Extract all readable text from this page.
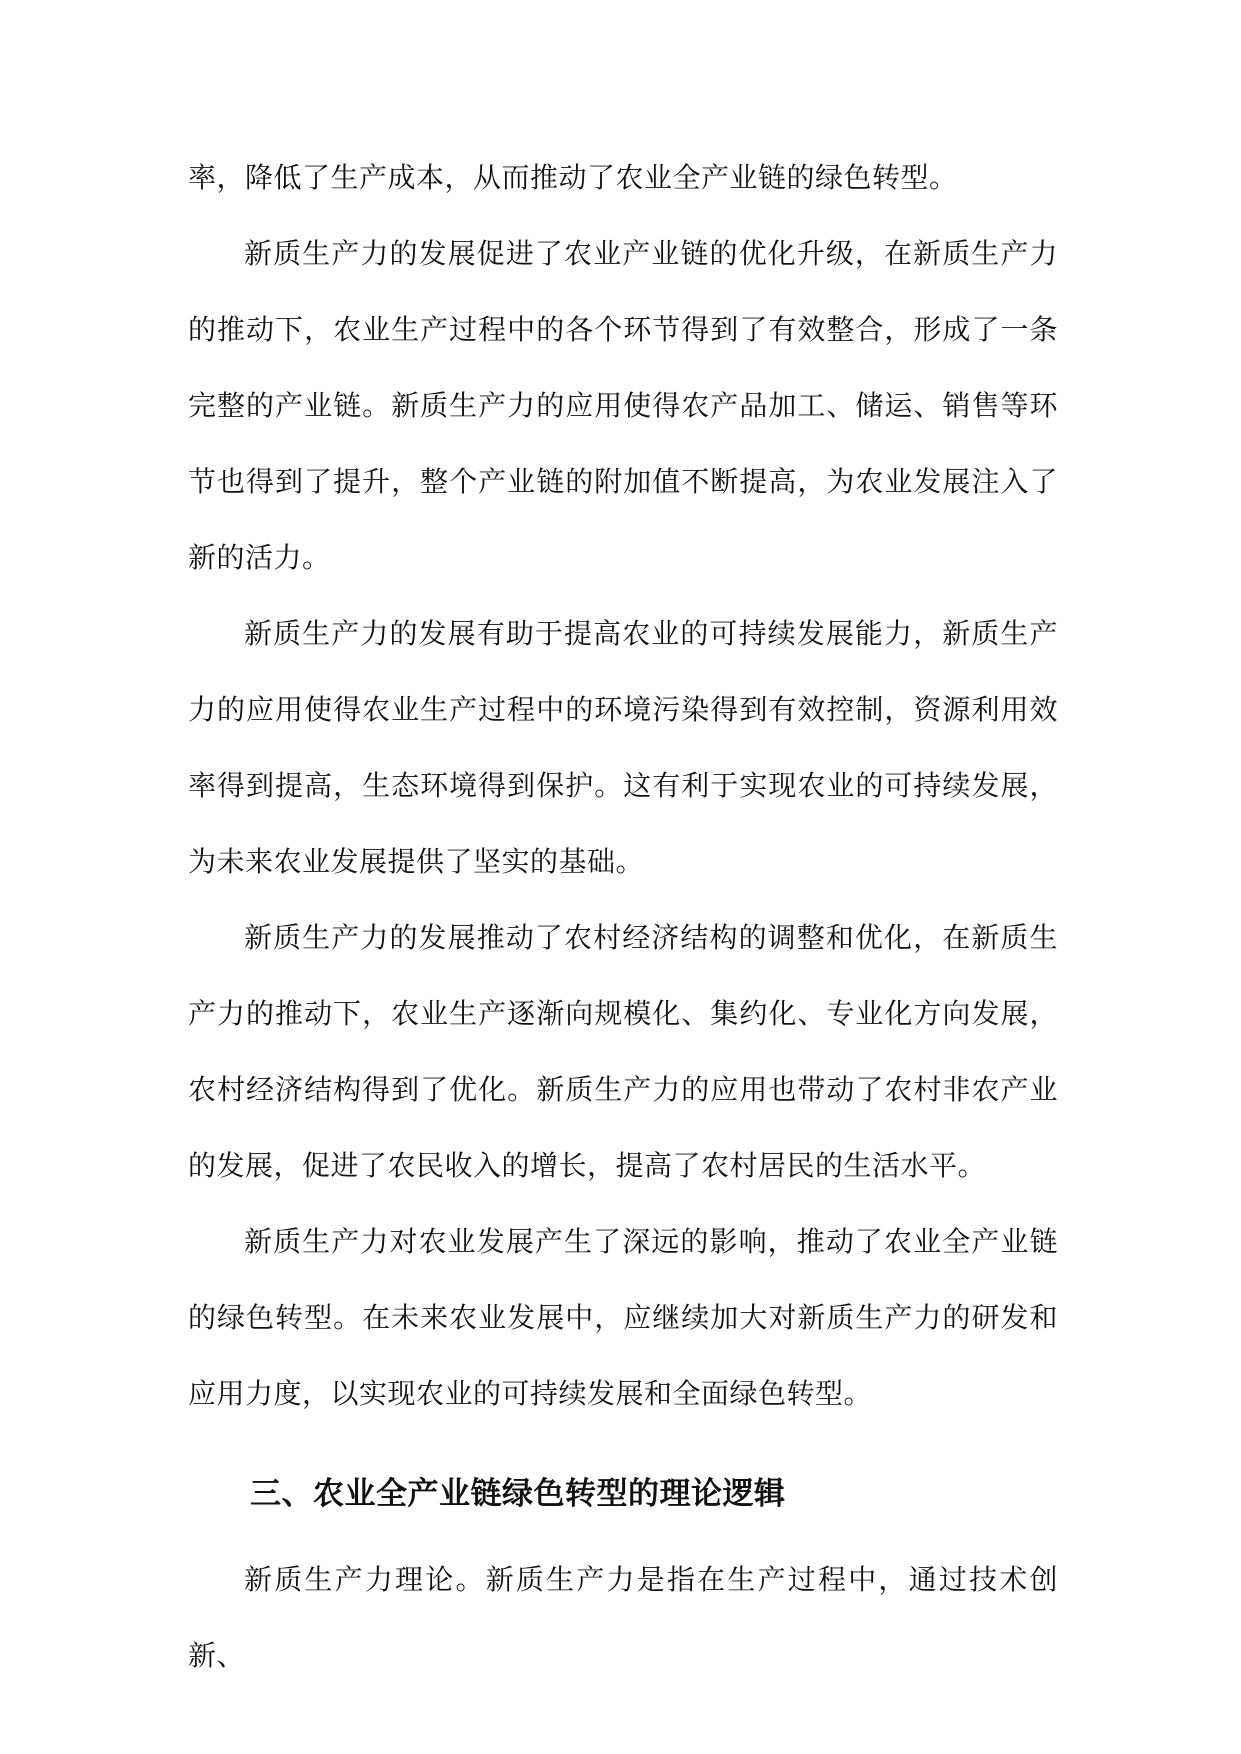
率，降低了生产成本，从而推动了农业全产业链的绿色转型。

新质生产力的发展促进了农业产业链的优化升级，在新质生产力的推动下，农业生产过程中的各个环节得到了有效整合，形成了一条完整的产业链。新质生产力的应用使得农产品加工、储运、销售等环节也得到了提升，整个产业链的附加值不断提高，为农业发展注入了新的活力。

新质生产力的发展有助于提高农业的可持续发展能力，新质生产力的应用使得农业生产过程中的环境污染得到有效控制，资源利用效率得到提高，生态环境得到保护。这有利于实现农业的可持续发展，为未来农业发展提供了坚实的基础。

新质生产力的发展推动了农村经济结构的调整和优化，在新质生产力的推动下，农业生产逐渐向规模化、集约化、专业化方向发展，农村经济结构得到了优化。新质生产力的应用也带动了农村非农产业的发展，促进了农民收入的增长，提高了农村居民的生活水平。

新质生产力对农业发展产生了深远的影响，推动了农业全产业链的绿色转型。在未来农业发展中，应继续加大对新质生产力的研发和应用力度，以实现农业的可持续发展和全面绿色转型。

三、农业全产业链绿色转型的理论逻辑

新质生产力理论。新质生产力是指在生产过程中，通过技术创新、
